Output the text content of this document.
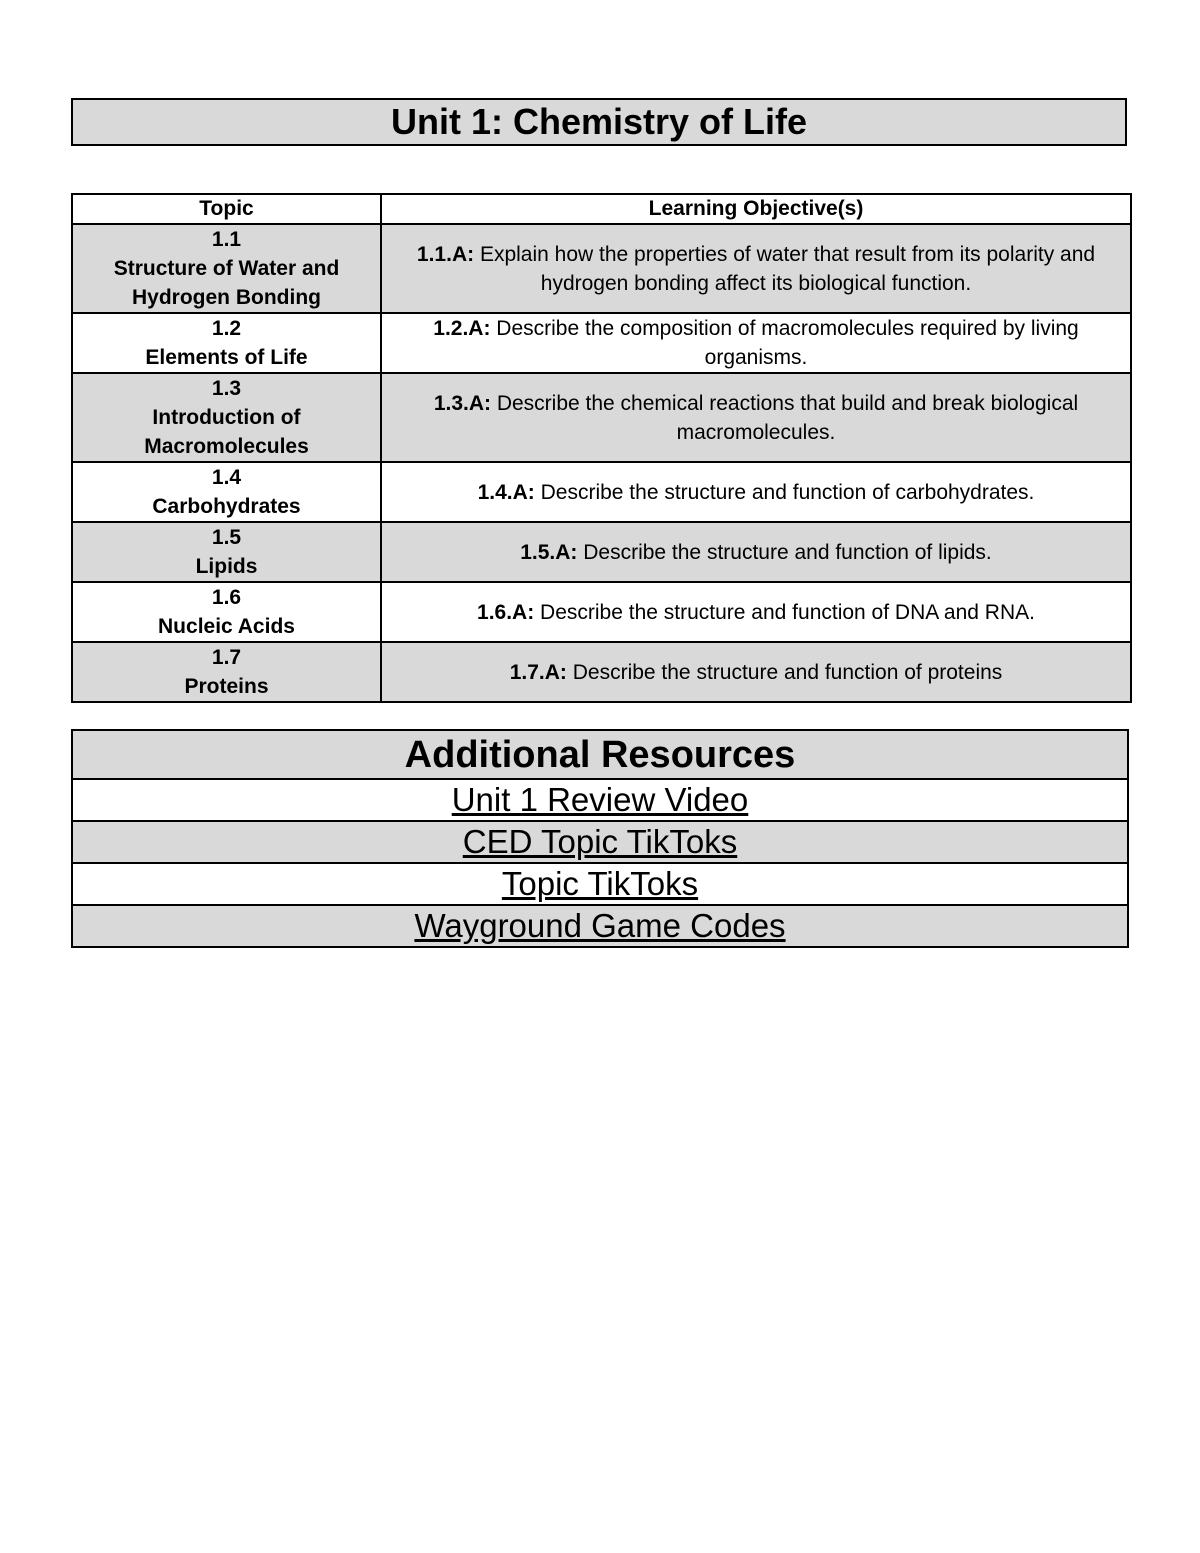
Unit 1: Chemistry of Life
Topic	Learning Objective(s)

1.1
Structure of Water and Hydrogen Bonding	1.1.A: Explain how the properties of water that result from its polarity and hydrogen bonding affect its biological function.

1.2
Elements of Life	1.2.A: Describe the composition of macromolecules required by living organisms.

1.3
Introduction of Macromolecules	1.3.A: Describe the chemical reactions that build and break biological macromolecules.

1.4
Carbohydrates	1.4.A: Describe the structure and function of carbohydrates.

1.5
Lipids	1.5.A: Describe the structure and function of lipids.

1.6
Nucleic Acids	1.6.A: Describe the structure and function of DNA and RNA.

1.7
Proteins	1.7.A: Describe the structure and function of proteins
Additional Resources
Unit 1 Review Video
CED Topic TikToks
Topic TikToks
Wayground Game Codes
